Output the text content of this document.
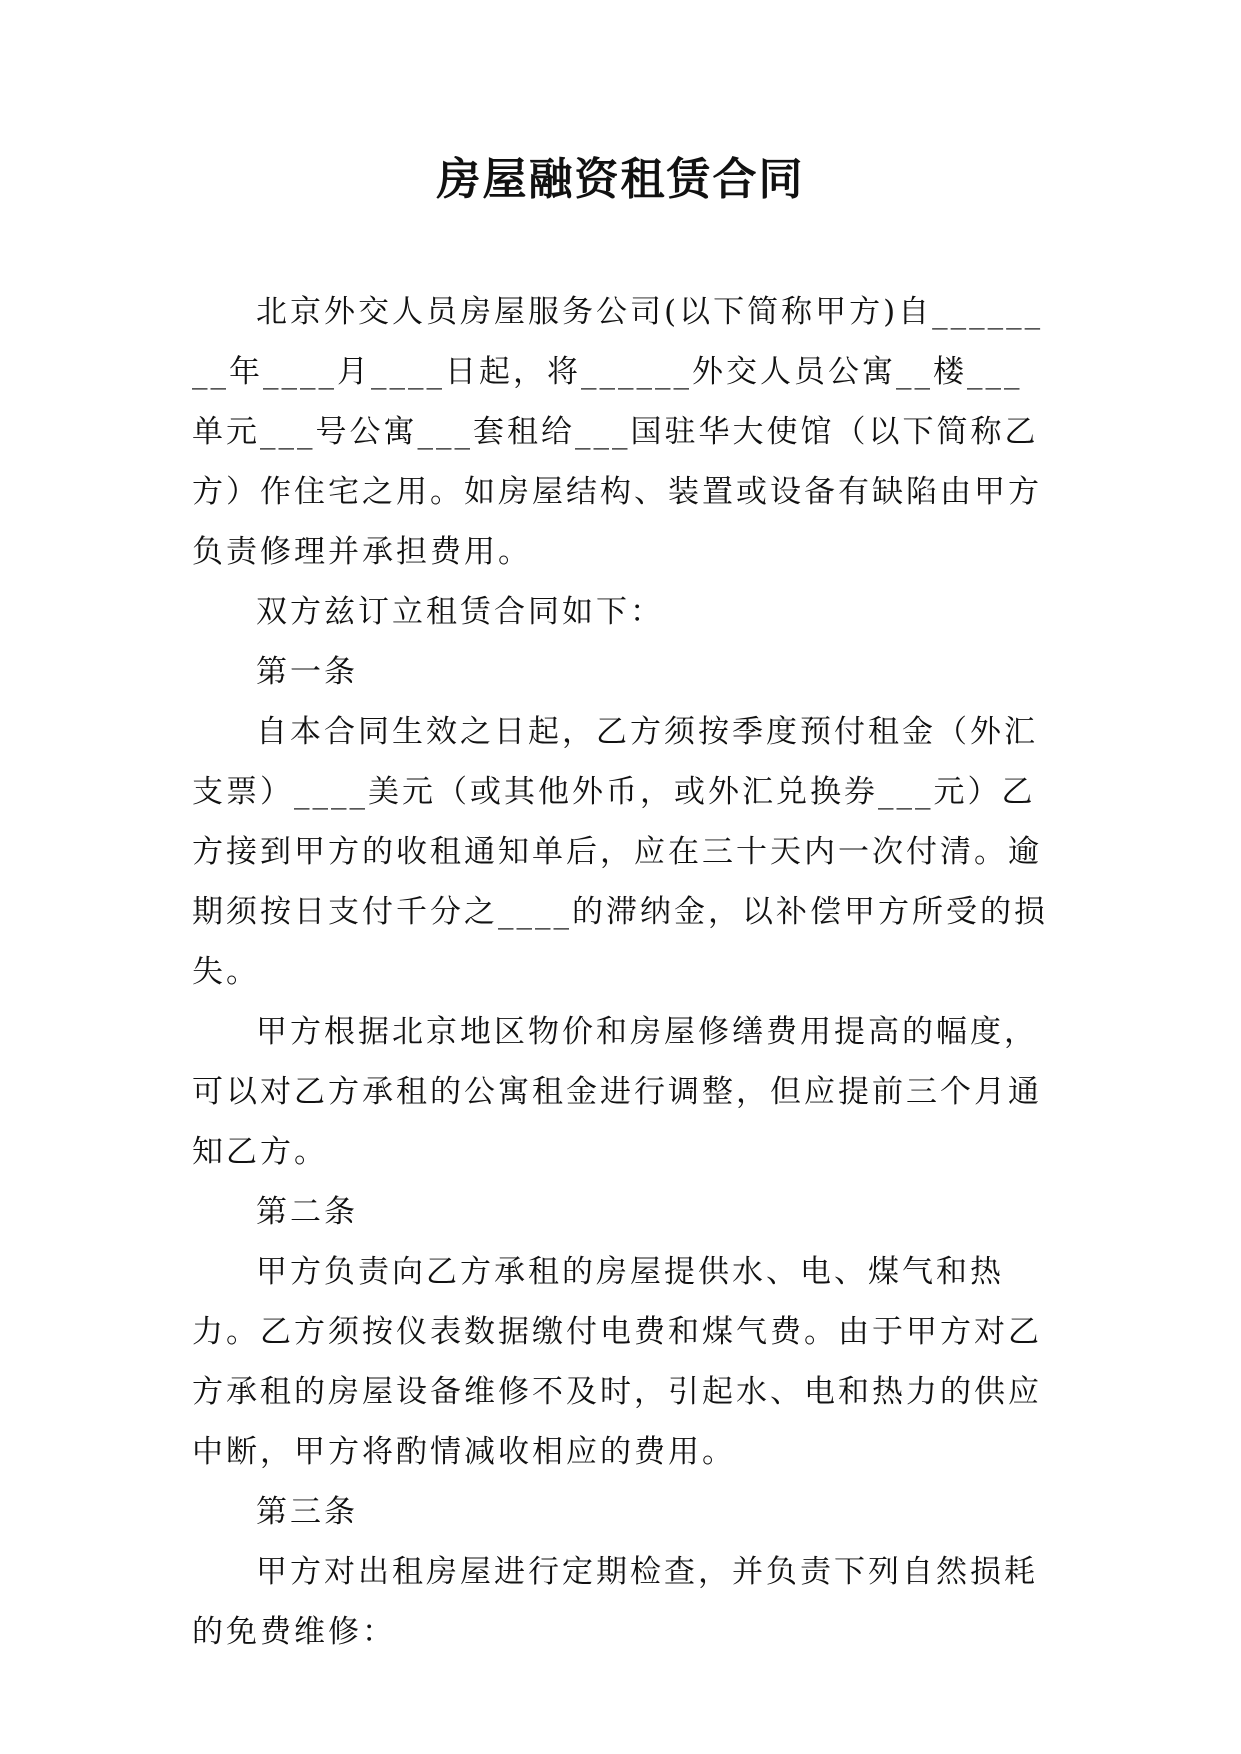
房屋融资租赁合同

北京外交人员房屋服务公司(以下简称甲方)自________年____月____日起，将______外交人员公寓__楼___单元___号公寓___套租给___国驻华大使馆（以下简称乙方）作住宅之用。如房屋结构、装置或设备有缺陷由甲方负责修理并承担费用。

双方兹订立租赁合同如下：

第一条

自本合同生效之日起，乙方须按季度预付租金（外汇支票）____美元（或其他外币，或外汇兑换券___元）乙方接到甲方的收租通知单后，应在三十天内一次付清。逾期须按日支付千分之____的滞纳金，以补偿甲方所受的损失。

甲方根据北京地区物价和房屋修缮费用提高的幅度，可以对乙方承租的公寓租金进行调整，但应提前三个月通知乙方。

第二条

甲方负责向乙方承租的房屋提供水、电、煤气和热力。乙方须按仪表数据缴付电费和煤气费。由于甲方对乙方承租的房屋设备维修不及时，引起水、电和热力的供应中断，甲方将酌情减收相应的费用。

第三条

甲方对出租房屋进行定期检查，并负责下列自然损耗的免费维修：
